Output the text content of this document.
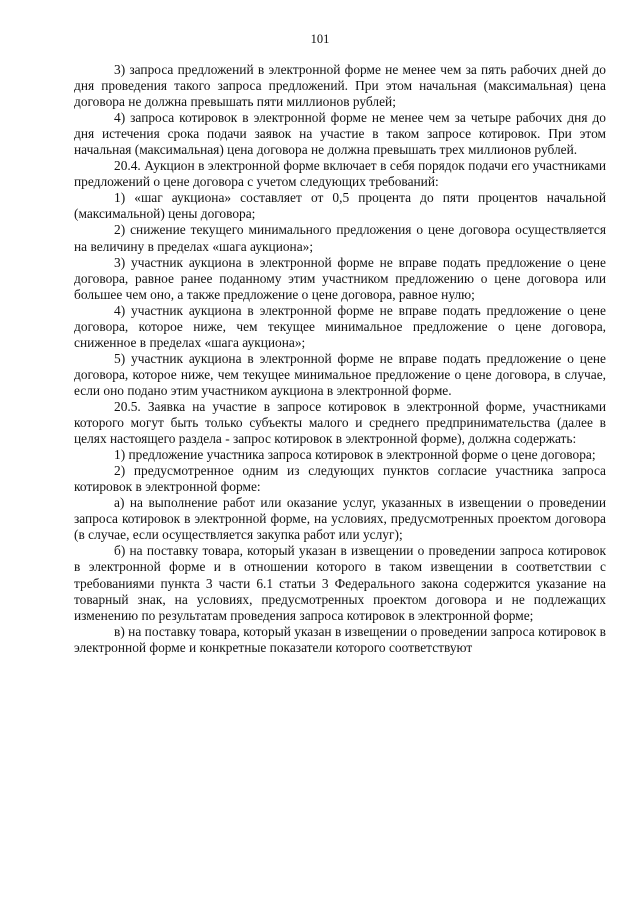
101

3) запроса предложений в электронной форме не менее чем за пять рабочих дней до дня проведения такого запроса предложений. При этом начальная (максимальная) цена договора не должна превышать пяти миллионов рублей;

4) запроса котировок в электронной форме не менее чем за четыре рабочих дня до дня истечения срока подачи заявок на участие в таком запросе котировок. При этом начальная (максимальная) цена договора не должна превышать трех миллионов рублей.

20.4. Аукцион в электронной форме включает в себя порядок подачи его участниками предложений о цене договора с учетом следующих требований:

1) «шаг аукциона» составляет от 0,5 процента до пяти процентов начальной (максимальной) цены договора;

2) снижение текущего минимального предложения о цене договора осуществляется на величину в пределах «шага аукциона»;

3) участник аукциона в электронной форме не вправе подать предложение о цене договора, равное ранее поданному этим участником предложению о цене договора или большее чем оно, а также предложение о цене договора, равное нулю;

4) участник аукциона в электронной форме не вправе подать предложение о цене договора, которое ниже, чем текущее минимальное предложение о цене договора, сниженное в пределах «шага аукциона»;

5) участник аукциона в электронной форме не вправе подать предложение о цене договора, которое ниже, чем текущее минимальное предложение о цене договора, в случае, если оно подано этим участником аукциона в электронной форме.

20.5. Заявка на участие в запросе котировок в электронной форме, участниками которого могут быть только субъекты малого и среднего предпринимательства (далее в целях настоящего раздела - запрос котировок в электронной форме), должна содержать:

1) предложение участника запроса котировок в электронной форме о цене договора;

2) предусмотренное одним из следующих пунктов согласие участника запроса котировок в электронной форме:

а) на выполнение работ или оказание услуг, указанных в извещении о проведении запроса котировок в электронной форме, на условиях, предусмотренных проектом договора (в случае, если осуществляется закупка работ или услуг);

б) на поставку товара, который указан в извещении о проведении запроса котировок в электронной форме и в отношении которого в таком извещении в соответствии с требованиями пункта 3 части 6.1 статьи 3 Федерального закона содержится указание на товарный знак, на условиях, предусмотренных проектом договора и не подлежащих изменению по результатам проведения запроса котировок в электронной форме;

в) на поставку товара, который указан в извещении о проведении запроса котировок в электронной форме и конкретные показатели которого соответствуют
